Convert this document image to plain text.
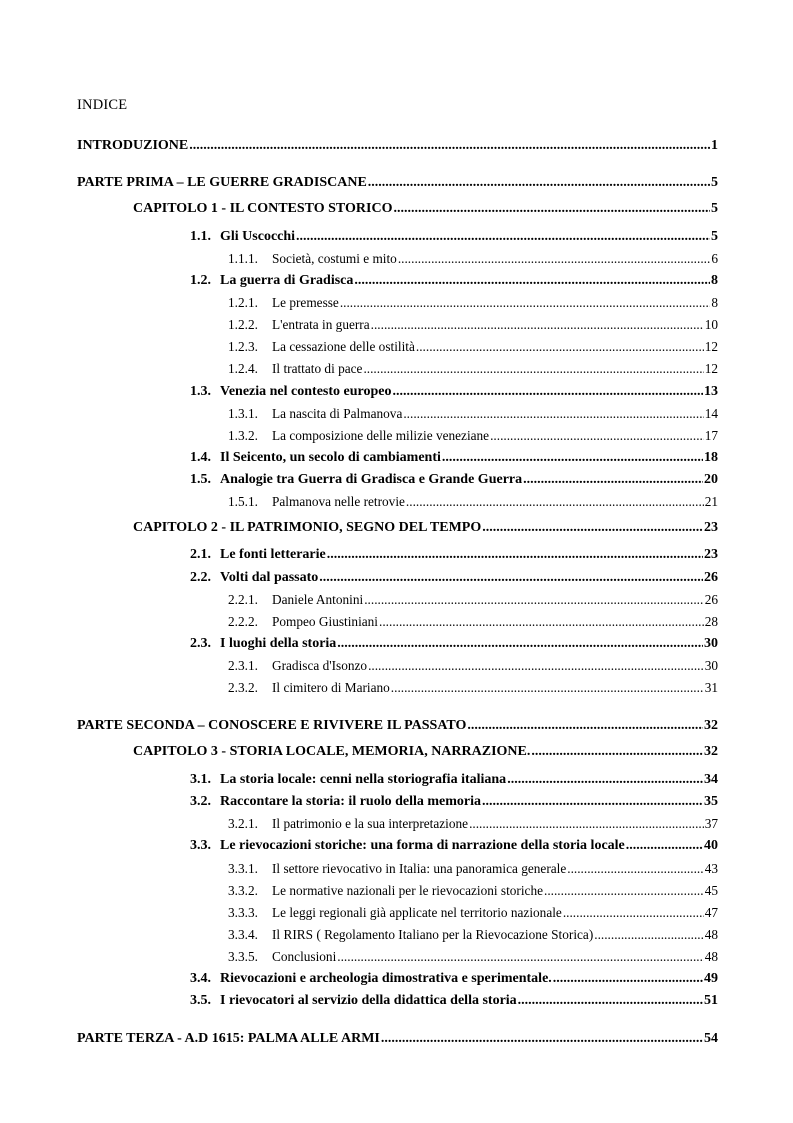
INDICE
INTRODUZIONE .....	1
PARTE PRIMA – LE GUERRE GRADISCANE .....	5
CAPITOLO 1 - IL CONTESTO STORICO .....	5
1.1. Gli Uscocchi .....	5
1.1.1.	Società, costumi e mito .....	6
1.2. La guerra di Gradisca .....	8
1.2.1.	Le premesse .....	8
1.2.2.	L'entrata in guerra .....	10
1.2.3.	La cessazione delle ostilità .....	12
1.2.4.	Il trattato di pace .....	12
1.3. Venezia nel contesto europeo .....	13
1.3.1.	La nascita di Palmanova .....	14
1.3.2.	La composizione delle milizie veneziane .....	17
1.4. Il Seicento, un secolo di cambiamenti .....	18
1.5. Analogie tra Guerra di Gradisca e Grande Guerra .....	20
1.5.1.	Palmanova nelle retrovie .....	21
CAPITOLO 2 - IL PATRIMONIO, SEGNO DEL TEMPO .....	23
2.1. Le fonti letterarie .....	23
2.2. Volti dal passato .....	26
2.2.1.	Daniele Antonini .....	26
2.2.2.	Pompeo Giustiniani .....	28
2.3. I luoghi della storia .....	30
2.3.1.	Gradisca d'Isonzo .....	30
2.3.2.	Il cimitero di Mariano .....	31
PARTE SECONDA – CONOSCERE E RIVIVERE IL PASSATO .....	32
CAPITOLO 3 - STORIA LOCALE, MEMORIA, NARRAZIONE. .....	32
3.1. La storia locale: cenni nella storiografia italiana .....	34
3.2. Raccontare la storia: il ruolo della memoria .....	35
3.2.1.	Il patrimonio e la sua interpretazione .....	37
3.3. Le rievocazioni storiche: una forma di narrazione della storia locale .....	40
3.3.1.	Il settore rievocativo in Italia: una panoramica generale .....	43
3.3.2.	Le normative nazionali per le rievocazioni storiche .....	45
3.3.3.	Le leggi regionali già applicate nel territorio nazionale .....	47
3.3.4.	Il RIRS ( Regolamento Italiano per la Rievocazione Storica) .....	48
3.3.5.	Conclusioni .....	48
3.4. Rievocazioni e archeologia dimostrativa e sperimentale. .....	49
3.5. I rievocatori al servizio della didattica della storia .....	51
PARTE TERZA - A.D 1615: PALMA ALLE ARMI .....	54
